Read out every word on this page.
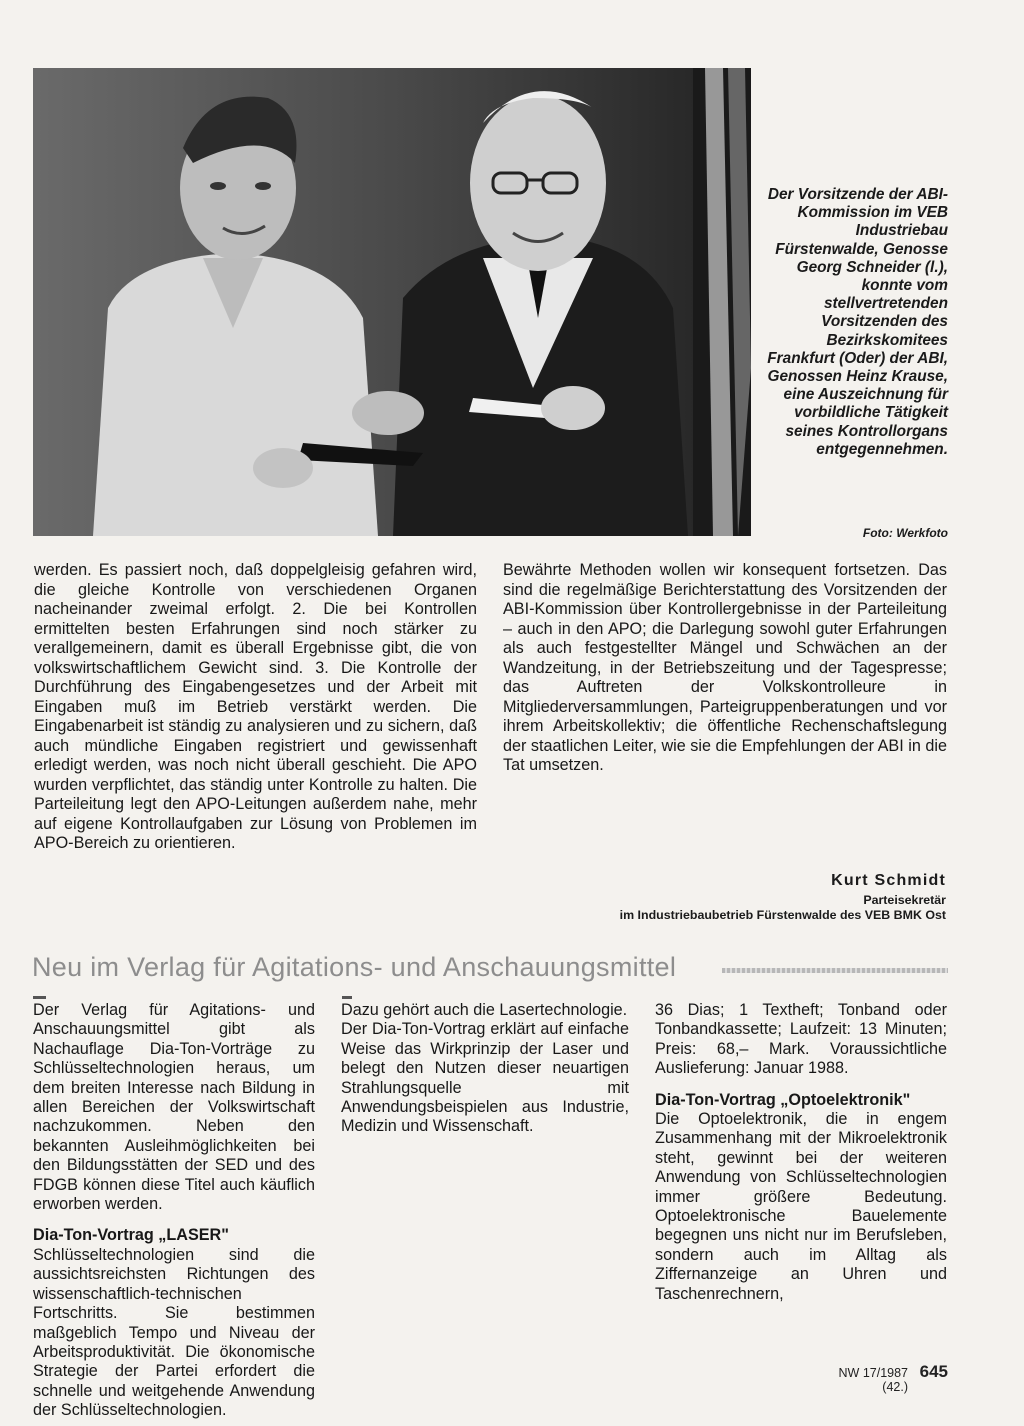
Der Vorsitzende der ABI-Kommission im VEB Industriebau Fürstenwalde, Genosse Georg Schneider (l.), konnte vom stellvertretenden Vorsitzenden des Bezirkskomitees Frankfurt (Oder) der ABI, Genossen Heinz Krause, eine Auszeichnung für vorbildliche Tätigkeit seines Kontrollorgans entgegennehmen.

Foto: Werkfoto
werden. Es passiert noch, daß doppelgleisig gefahren wird, die gleiche Kontrolle von verschiedenen Organen nacheinander zweimal erfolgt. 2. Die bei Kontrollen ermittelten besten Erfahrungen sind noch stärker zu verallgemeinern, damit es überall Ergebnisse gibt, die von volkswirtschaftlichem Gewicht sind. 3. Die Kontrolle der Durchführung des Eingabengesetzes und der Arbeit mit Eingaben muß im Betrieb verstärkt werden. Die Eingabenarbeit ist ständig zu analysieren und zu sichern, daß auch mündliche Eingaben registriert und gewissenhaft erledigt werden, was noch nicht überall geschieht. Die APO wurden verpflichtet, das ständig unter Kontrolle zu halten. Die Parteileitung legt den APO-Leitungen außerdem nahe, mehr auf eigene Kontrollaufgaben zur Lösung von Problemen im APO-Bereich zu orientieren.
Bewährte Methoden wollen wir konsequent fortsetzen. Das sind die regelmäßige Berichterstattung des Vorsitzenden der ABI-Kommission über Kontrollergebnisse in der Parteileitung – auch in den APO; die Darlegung sowohl guter Erfahrungen als auch festgestellter Mängel und Schwächen an der Wandzeitung, in der Betriebszeitung und der Tagespresse; das Auftreten der Volkskontrolleure in Mitgliederversammlungen, Parteigruppenberatungen und vor ihrem Arbeitskollektiv; die öffentliche Rechenschaftslegung der staatlichen Leiter, wie sie die Empfehlungen der ABI in die Tat umsetzen.
Kurt Schmidt
Parteisekretär
im Industriebaubetrieb Fürstenwalde des VEB BMK Ost
Neu im Verlag für Agitations- und Anschauungsmittel
Der Verlag für Agitations- und Anschauungsmittel gibt als Nachauflage Dia-Ton-Vorträge zu Schlüsseltechnologien heraus, um dem breiten Interesse nach Bildung in allen Bereichen der Volkswirtschaft nachzukommen. Neben den bekannten Ausleihmöglichkeiten bei den Bildungsstätten der SED und des FDGB können diese Titel auch käuflich erworben werden.
Dia-Ton-Vortrag „LASER"
Schlüsseltechnologien sind die aussichtsreichsten Richtungen des wissenschaftlich-technischen Fortschritts. Sie bestimmen maßgeblich Tempo und Niveau der Arbeitsproduktivität. Die ökonomische Strategie der Partei erfordert die schnelle und weitgehende Anwendung der Schlüsseltechnologien.
Dazu gehört auch die Lasertechnologie.
Der Dia-Ton-Vortrag erklärt auf einfache Weise das Wirkprinzip der Laser und belegt den Nutzen dieser neuartigen Strahlungsquelle mit Anwendungsbeispielen aus Industrie, Medizin und Wissenschaft.
36 Dias; 1 Textheft; Tonband oder Tonbandkassette; Laufzeit: 13 Minuten; Preis: 68,– Mark. Voraussichtliche Auslieferung: Januar 1988.
Dia-Ton-Vortrag „Optoelektronik"
Die Optoelektronik, die in engem Zusammenhang mit der Mikroelektronik steht, gewinnt bei der weiteren Anwendung von Schlüsseltechnologien immer größere Bedeutung. Optoelektronische Bauelemente begegnen uns nicht nur im Berufsleben, sondern auch im Alltag als Ziffernanzeige an Uhren und Taschenrechnern,
NW 17/1987 (42.)
645
